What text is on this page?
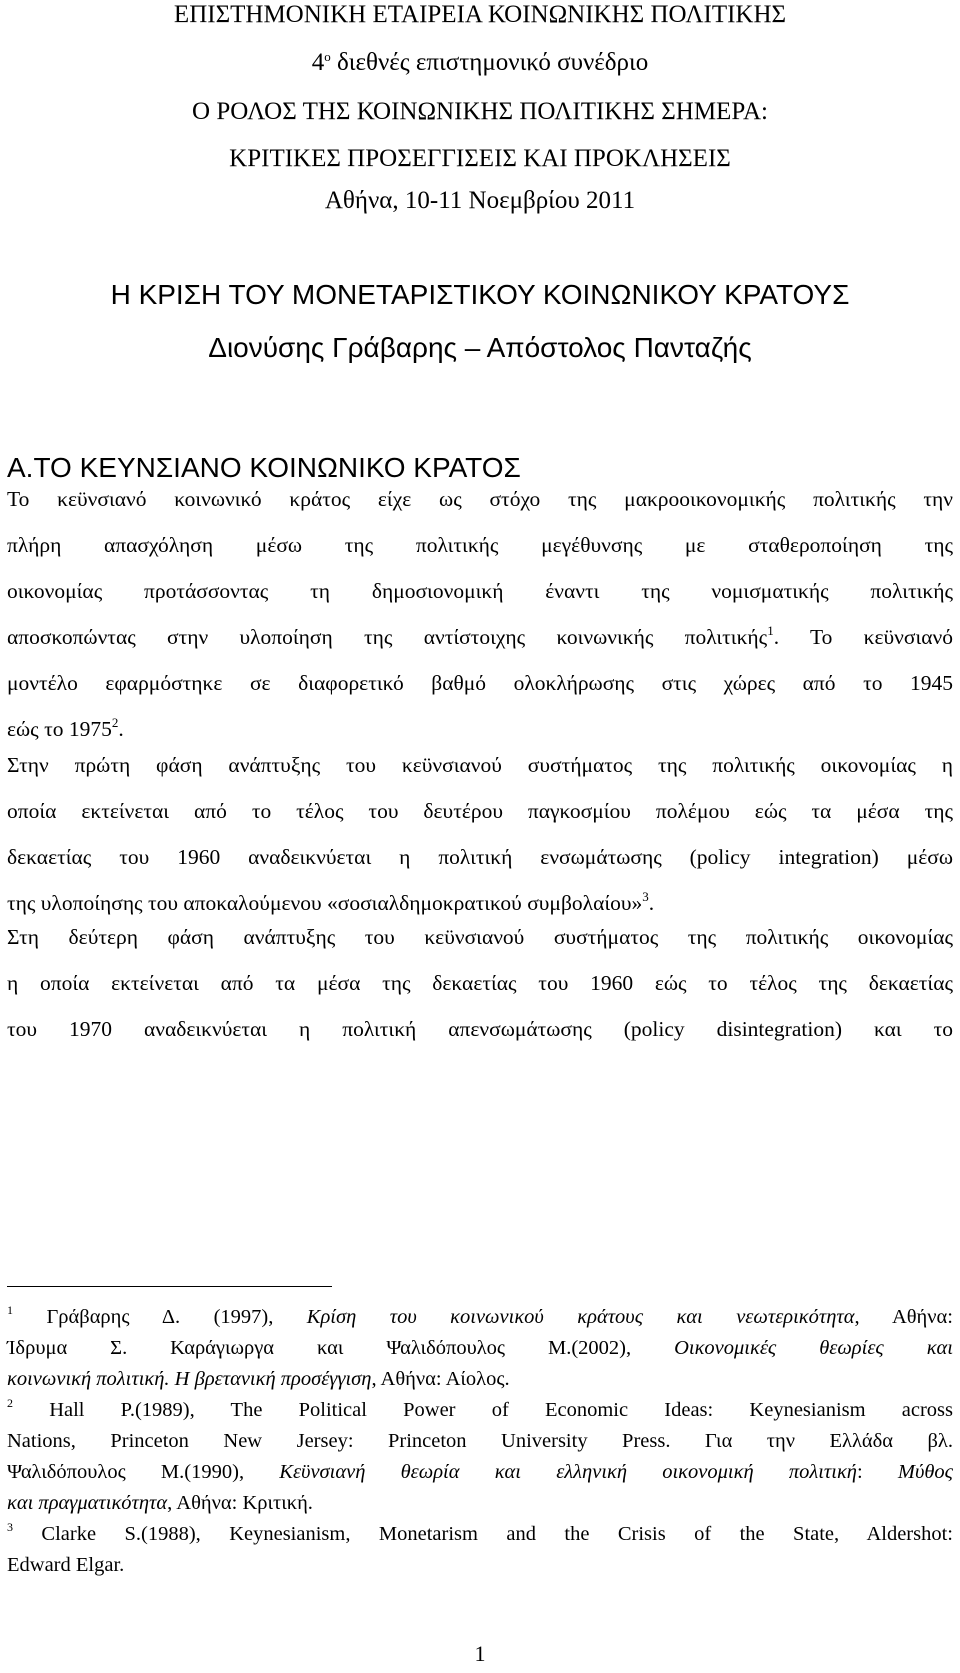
ΕΠΙΣΤΗΜΟΝΙΚΗ ΕΤΑΙΡΕΙΑ ΚΟΙΝΩΝΙΚΗΣ ΠΟΛΙΤΙΚΗΣ
$4^o$ διεθνές επιστημονικό συνέδριο
Ο ΡΟΛΟΣ ΤΗΣ ΚΟΙΝΩΝΙΚΗΣ ΠΟΛΙΤΙΚΗΣ ΣΗΜΕΡΑ:
ΚΡΙΤΙΚΕΣ ΠΡΟΣΕΓΓΙΣΕΙΣ ΚΑΙ ΠΡΟΚΛΗΣΕΙΣ
Αθήνα, 10-11 Νοεμβρίου 2011
Η ΚΡΙΣΗ ΤΟΥ ΜΟΝΕΤΑΡΙΣΤΙΚΟΥ ΚΟΙΝΩΝΙΚΟΥ ΚΡΑΤΟΥΣ
Διονύσης Γράβαρης – Απόστολος Πανταζής
Α.ΤΟ ΚΕΥΝΣΙΑΝΟ ΚΟΙΝΩΝΙΚΟ ΚΡΑΤΟΣ
Το κεϋνσιανό κοινωνικό κράτος είχε ως στόχο της μακροοικονομικής πολιτικής την
πλήρη απασχόληση μέσω της πολιτικής μεγέθυνσης με σταθεροποίηση της
οικονομίας προτάσσοντας τη δημοσιονομική έναντι της νομισματικής πολιτικής
αποσκοπώντας στην υλοποίηση της αντίστοιχης κοινωνικής πολιτικής$^1$. Το κεϋνσιανό
μοντέλο εφαρμόστηκε σε διαφορετικό βαθμό ολοκλήρωσης στις χώρες από το 1945
εώς το 1975$^2$.
Στην πρώτη φάση ανάπτυξης του κεϋνσιανού συστήματος της πολιτικής οικονομίας η
οποία εκτείνεται από το τέλος του δευτέρου παγκοσμίου πολέμου εώς τα μέσα της
δεκαετίας του 1960 αναδεικνύεται η πολιτική ενσωμάτωσης (policy integration) μέσω
της υλοποίησης του αποκαλούμενου «σοσιαλδημοκρατικού συμβολαίου»$^3$.
Στη δεύτερη φάση ανάπτυξης του κεϋνσιανού συστήματος της πολιτικής οικονομίας
η οποία εκτείνεται από τα μέσα της δεκαετίας του 1960 εώς το τέλος της δεκαετίας
του 1970 αναδεικνύεται η πολιτική απενσωμάτωσης (policy disintegration) και το
$^1$ Γράβαρης Δ. (1997), Κρίση του κοινωνικού κράτους και νεωτερικότητα, Αθήνα:
Ίδρυμα Σ. Καράγιωργα και Ψαλιδόπουλος Μ.(2002), Οικονομικές θεωρίες και
κοινωνική πολιτική. Η βρετανική προσέγγιση, Αθήνα: Αίολος.
$^2$ Hall P.(1989), The Political Power of Economic Ideas: Keynesianism across
Nations, Princeton New Jersey: Princeton University Press. Για την Ελλάδα βλ.
Ψαλιδόπουλος Μ.(1990), Κεϋνσιανή θεωρία και ελληνική οικονομική πολιτική: Μύθος
και πραγματικότητα, Αθήνα: Κριτική.
$^3$ Clarke S.(1988), Keynesianism, Monetarism and the Crisis of the State, Aldershot:
Edward Elgar.
1
